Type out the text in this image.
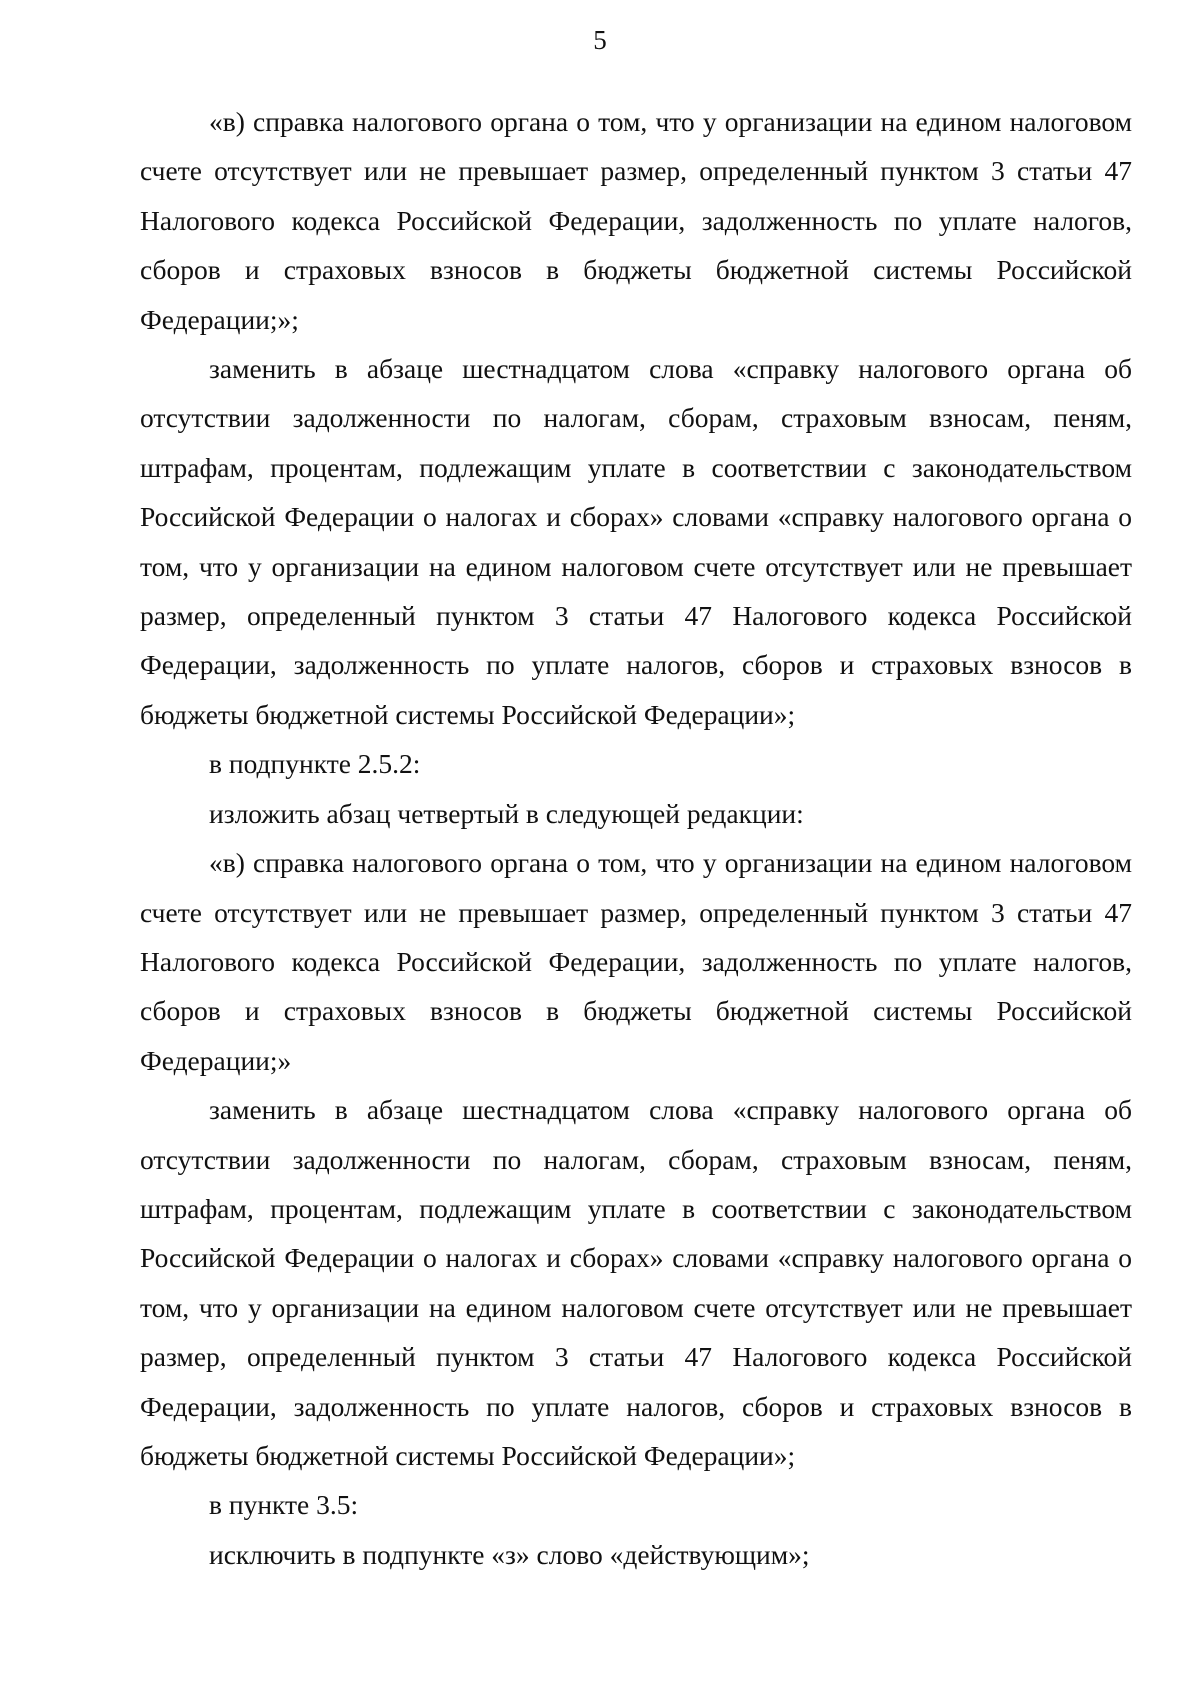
5

«в) справка налогового органа о том, что у организации на едином налоговом счете отсутствует или не превышает размер, определенный пунктом 3 статьи 47 Налогового кодекса Российской Федерации, задолженность по уплате налогов, сборов и страховых взносов в бюджеты бюджетной системы Российской Федерации;»;

заменить в абзаце шестнадцатом слова «справку налогового органа об отсутствии задолженности по налогам, сборам, страховым взносам, пеням, штрафам, процентам, подлежащим уплате в соответствии с законодательством Российской Федерации о налогах и сборах» словами «справку налогового органа о том, что у организации на едином налоговом счете отсутствует или не превышает размер, определенный пунктом 3 статьи 47 Налогового кодекса Российской Федерации, задолженность по уплате налогов, сборов и страховых взносов в бюджеты бюджетной системы Российской Федерации»;

в подпункте 2.5.2:

изложить абзац четвертый в следующей редакции:

«в) справка налогового органа о том, что у организации на едином налоговом счете отсутствует или не превышает размер, определенный пунктом 3 статьи 47 Налогового кодекса Российской Федерации, задолженность по уплате налогов, сборов и страховых взносов в бюджеты бюджетной системы Российской Федерации;»

заменить в абзаце шестнадцатом слова «справку налогового органа об отсутствии задолженности по налогам, сборам, страховым взносам, пеням, штрафам, процентам, подлежащим уплате в соответствии с законодательством Российской Федерации о налогах и сборах» словами «справку налогового органа о том, что у организации на едином налоговом счете отсутствует или не превышает размер, определенный пунктом 3 статьи 47 Налогового кодекса Российской Федерации, задолженность по уплате налогов, сборов и страховых взносов в бюджеты бюджетной системы Российской Федерации»;

в пункте 3.5:

исключить в подпункте «з» слово «действующим»;
